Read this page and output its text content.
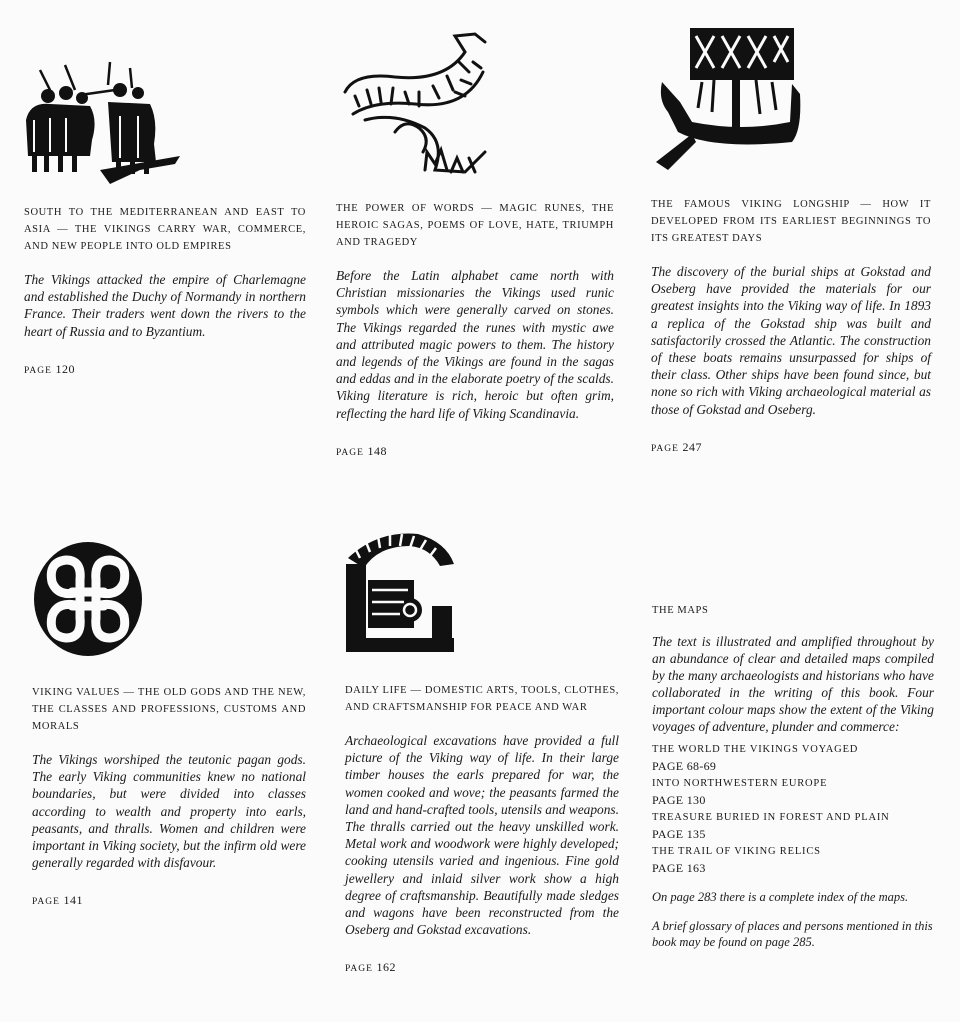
SOUTH TO THE MEDITERRANEAN AND EAST TO ASIA — THE VIKINGS CARRY WAR, COMMERCE, AND NEW PEOPLE INTO OLD EMPIRES

The Vikings attacked the empire of Charlemagne and established the Duchy of Normandy in northern France. Their traders went down the rivers to the heart of Russia and to Byzantium.

PAGE 120

THE POWER OF WORDS — MAGIC RUNES, THE HEROIC SAGAS, POEMS OF LOVE, HATE, TRIUMPH AND TRAGEDY

Before the Latin alphabet came north with Christian missionaries the Vikings used runic symbols which were generally carved on stones. The Vikings regarded the runes with mystic awe and attributed magic powers to them. The history and legends of the Vikings are found in the sagas and eddas and in the elaborate poetry of the scalds. Viking literature is rich, heroic but often grim, reflecting the hard life of Viking Scandinavia.

PAGE 148

THE FAMOUS VIKING LONGSHIP — HOW IT DEVELOPED FROM ITS EARLIEST BEGINNINGS TO ITS GREATEST DAYS

The discovery of the burial ships at Gokstad and Oseberg have provided the materials for our greatest insights into the Viking way of life. In 1893 a replica of the Gokstad ship was built and satisfactorily crossed the Atlantic. The construction of these boats remains unsurpassed for ships of their class. Other ships have been found since, but none so rich with Viking archaeological material as those of Gokstad and Oseberg.

PAGE 247

VIKING VALUES — THE OLD GODS AND THE NEW, THE CLASSES AND PROFESSIONS, CUSTOMS AND MORALS

The Vikings worshiped the teutonic pagan gods. The early Viking communities knew no national boundaries, but were divided into classes according to wealth and property into earls, peasants, and thralls. Women and children were important in Viking society, but the infirm old were generally regarded with disfavour.

PAGE 141

DAILY LIFE — DOMESTIC ARTS, TOOLS, CLOTHES, AND CRAFTSMANSHIP FOR PEACE AND WAR

Archaeological excavations have provided a full picture of the Viking way of life. In their large timber houses the earls prepared for war, the women cooked and wove; the peasants farmed the land and hand-crafted tools, utensils and weapons. The thralls carried out the heavy unskilled work. Metal work and woodwork were highly developed; cooking utensils varied and ingenious. Fine gold jewellery and inlaid silver work show a high degree of craftsmanship. Beautifully made sledges and wagons have been reconstructed from the Oseberg and Gokstad excavations.

PAGE 162

THE MAPS

The text is illustrated and amplified throughout by an abundance of clear and detailed maps compiled by the many archaeologists and historians who have collaborated in the writing of this book. Four important colour maps show the extent of the Viking voyages of adventure, plunder and commerce:

THE WORLD THE VIKINGS VOYAGED
PAGE 68-69
INTO NORTHWESTERN EUROPE
PAGE 130
TREASURE BURIED IN FOREST AND PLAIN
PAGE 135
THE TRAIL OF VIKING RELICS
PAGE 163

On page 283 there is a complete index of the maps.

A brief glossary of places and persons mentioned in this book may be found on page 285.
